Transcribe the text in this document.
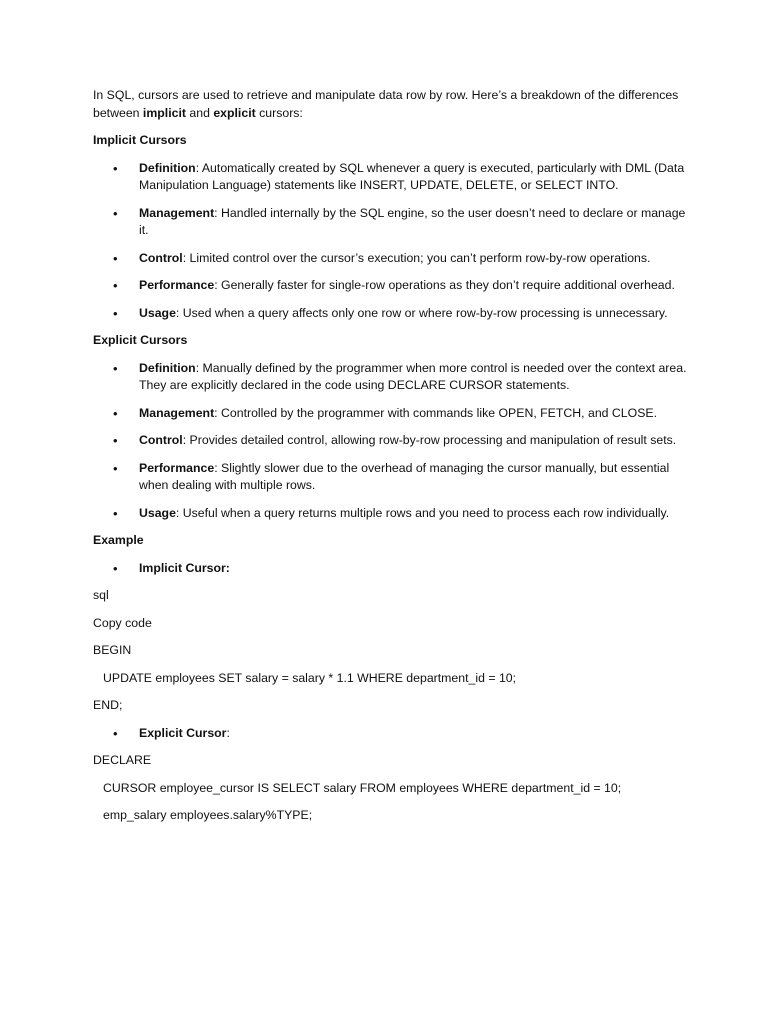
In SQL, cursors are used to retrieve and manipulate data row by row. Here’s a breakdown of the differences between implicit and explicit cursors:

Implicit Cursors

• Definition: Automatically created by SQL whenever a query is executed, particularly with DML (Data Manipulation Language) statements like INSERT, UPDATE, DELETE, or SELECT INTO.
• Management: Handled internally by the SQL engine, so the user doesn’t need to declare or manage it.
• Control: Limited control over the cursor’s execution; you can’t perform row-by-row operations.
• Performance: Generally faster for single-row operations as they don’t require additional overhead.
• Usage: Used when a query affects only one row or where row-by-row processing is unnecessary.

Explicit Cursors

• Definition: Manually defined by the programmer when more control is needed over the context area. They are explicitly declared in the code using DECLARE CURSOR statements.
• Management: Controlled by the programmer with commands like OPEN, FETCH, and CLOSE.
• Control: Provides detailed control, allowing row-by-row processing and manipulation of result sets.
• Performance: Slightly slower due to the overhead of managing the cursor manually, but essential when dealing with multiple rows.
• Usage: Useful when a query returns multiple rows and you need to process each row individually.

Example

• Implicit Cursor:

sql

Copy code

BEGIN

UPDATE employees SET salary = salary * 1.1 WHERE department_id = 10;

END;

• Explicit Cursor:

DECLARE

CURSOR employee_cursor IS SELECT salary FROM employees WHERE department_id = 10;

emp_salary employees.salary%TYPE;
